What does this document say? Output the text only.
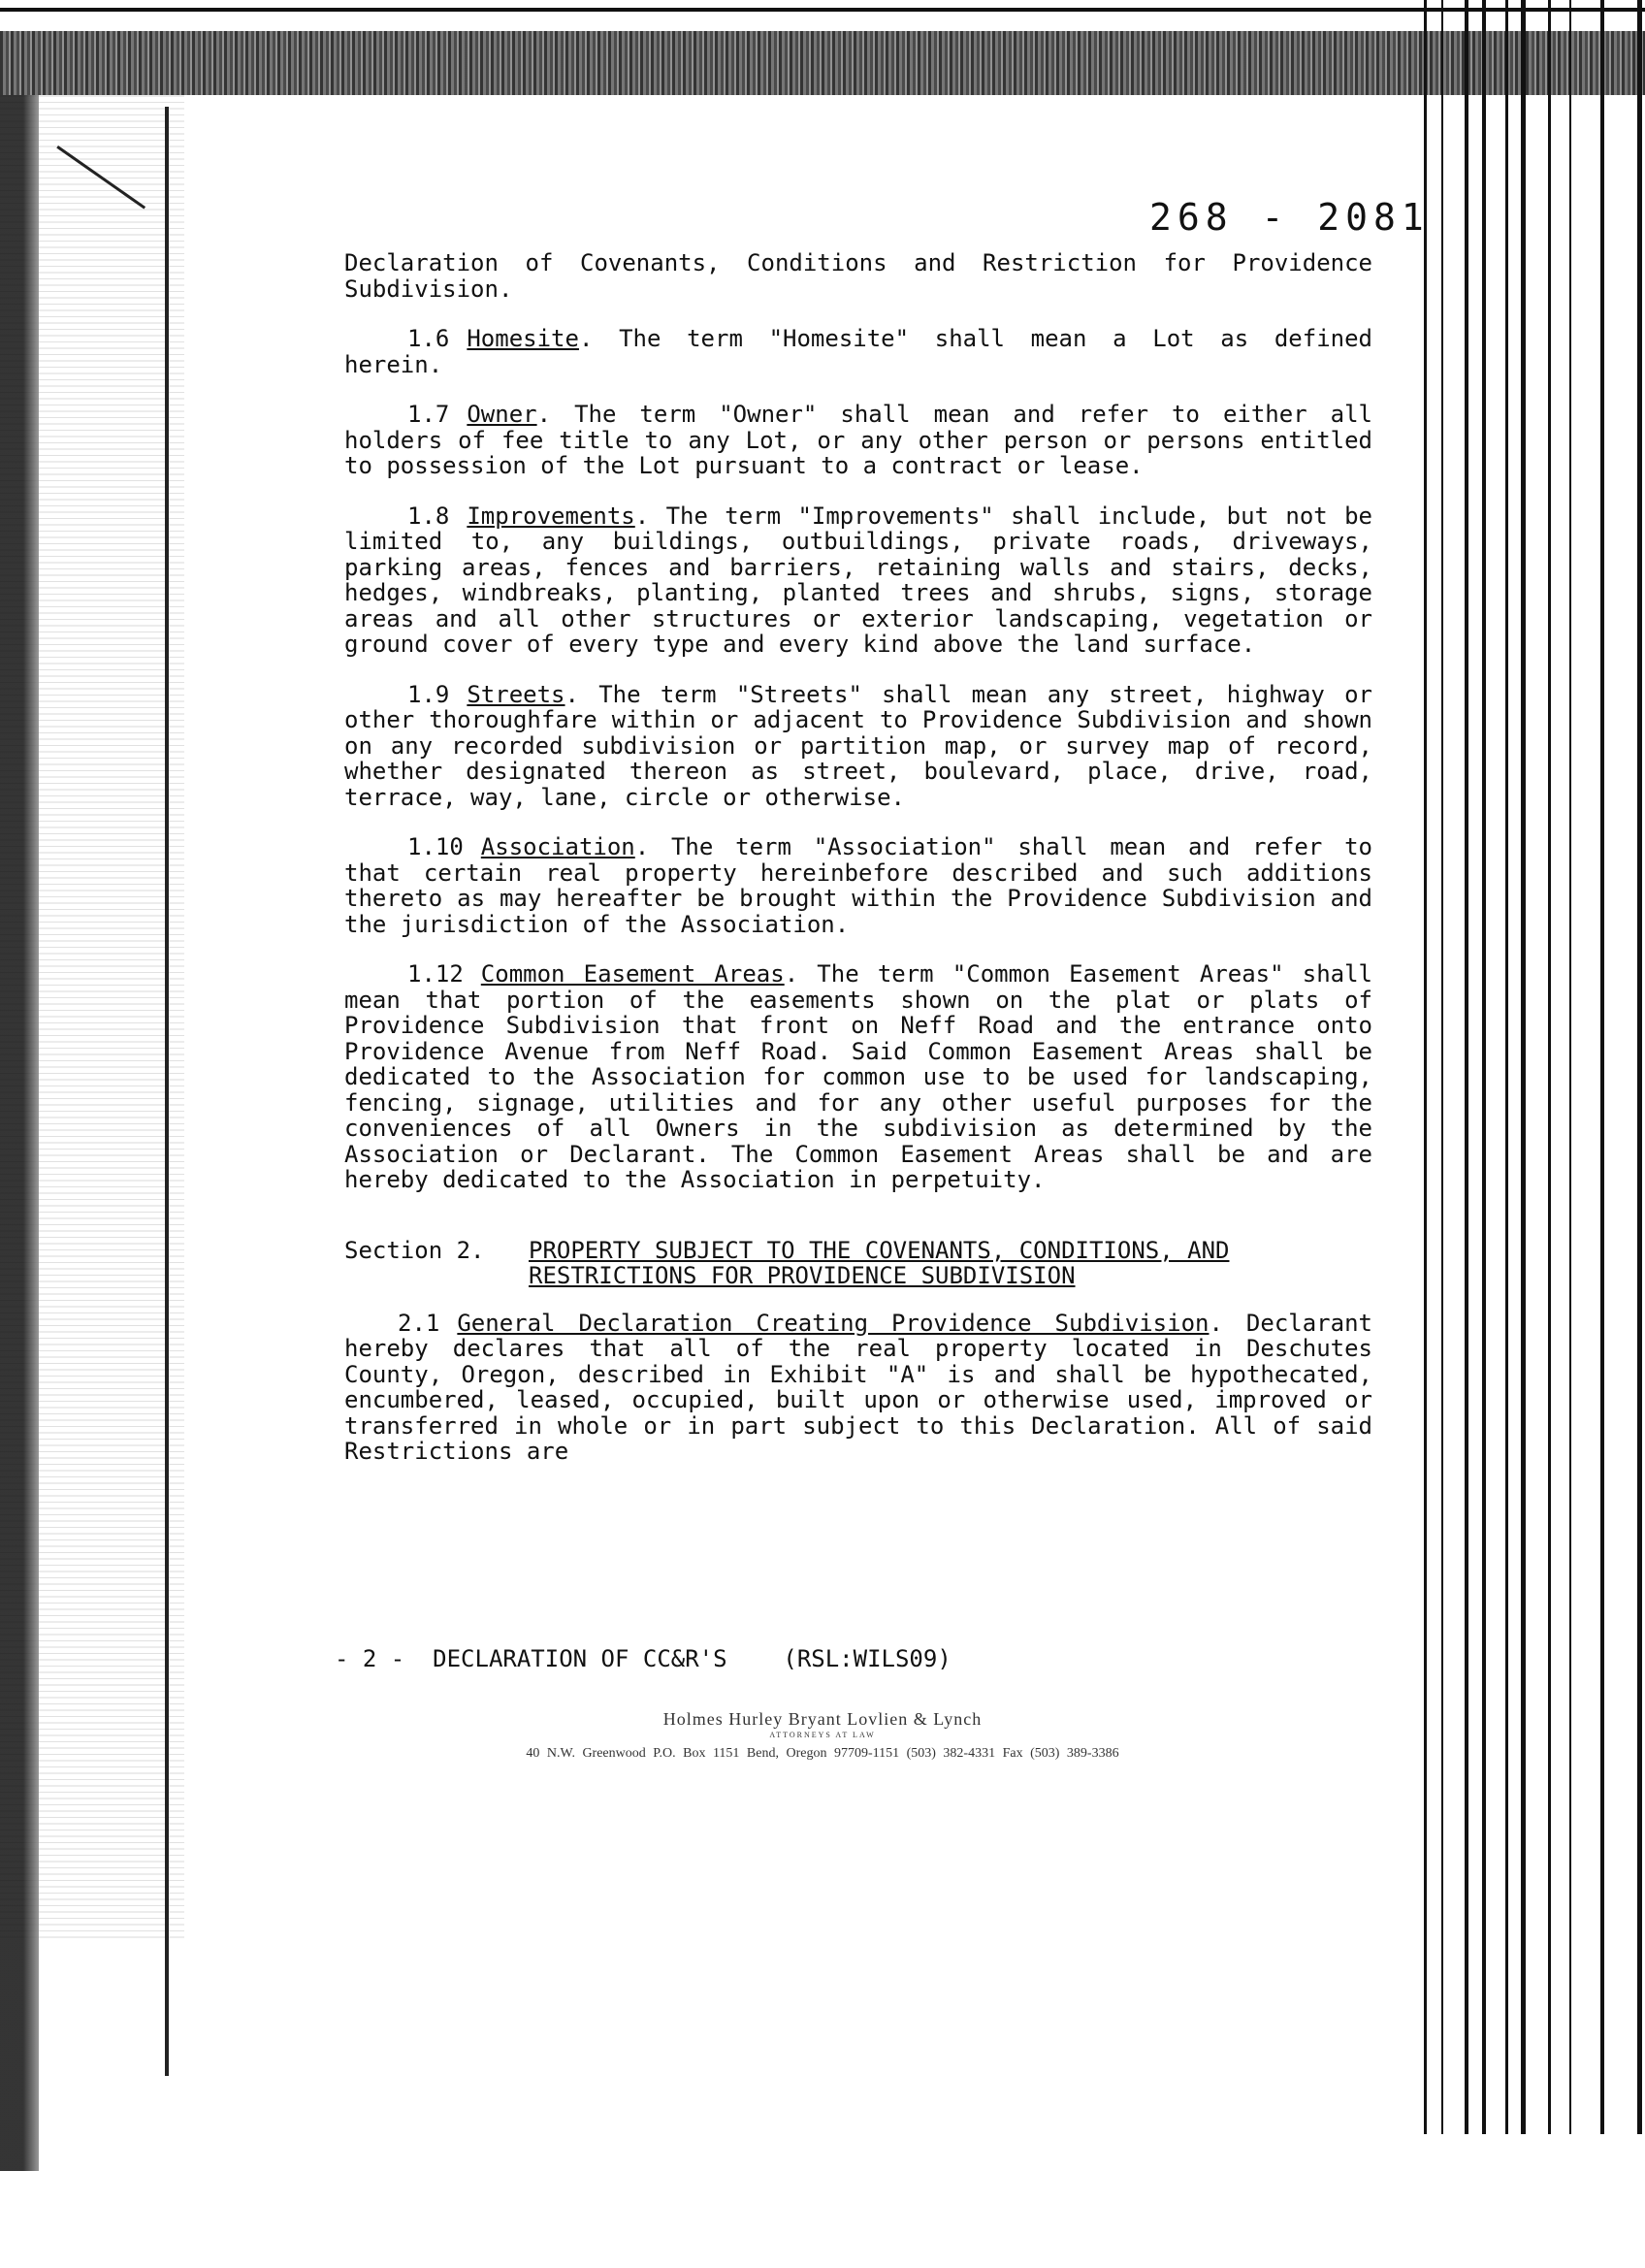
268 - 2081

Declaration of Covenants, Conditions and Restriction for Providence Subdivision.

1.6 Homesite. The term "Homesite" shall mean a Lot as defined herein.

1.7 Owner. The term "Owner" shall mean and refer to either all holders of fee title to any Lot, or any other person or persons entitled to possession of the Lot pursuant to a contract or lease.

1.8 Improvements. The term "Improvements" shall include, but not be limited to, any buildings, outbuildings, private roads, driveways, parking areas, fences and barriers, retaining walls and stairs, decks, hedges, windbreaks, planting, planted trees and shrubs, signs, storage areas and all other structures or exterior landscaping, vegetation or ground cover of every type and every kind above the land surface.

1.9 Streets. The term "Streets" shall mean any street, highway or other thoroughfare within or adjacent to Providence Subdivision and shown on any recorded subdivision or partition map, or survey map of record, whether designated thereon as street, boulevard, place, drive, road, terrace, way, lane, circle or otherwise.

1.10 Association. The term "Association" shall mean and refer to that certain real property hereinbefore described and such additions thereto as may hereafter be brought within the Providence Subdivision and the jurisdiction of the Association.

1.12 Common Easement Areas. The term "Common Easement Areas" shall mean that portion of the easements shown on the plat or plats of Providence Subdivision that front on Neff Road and the entrance onto Providence Avenue from Neff Road. Said Common Easement Areas shall be dedicated to the Association for common use to be used for landscaping, fencing, signage, utilities and for any other useful purposes for the conveniences of all Owners in the subdivision as determined by the Association or Declarant. The Common Easement Areas shall be and are hereby dedicated to the Association in perpetuity.

Section 2.	PROPERTY SUBJECT TO THE COVENANTS, CONDITIONS, AND
RESTRICTIONS FOR PROVIDENCE SUBDIVISION

2.1 General Declaration Creating Providence Subdivision. Declarant hereby declares that all of the real property located in Deschutes County, Oregon, described in Exhibit "A" is and shall be hypothecated, encumbered, leased, occupied, built upon or otherwise used, improved or transferred in whole or in part subject to this Declaration. All of said Restrictions are

- 2 -  DECLARATION OF CC&R'S    (RSL:WILS09)
Holmes Hurley Bryant Lovlien & Lynch
ATTORNEYS AT LAW
40 N.W. Greenwood P.O. Box 1151 Bend, Oregon 97709-1151 (503) 382-4331 Fax (503) 389-3386
